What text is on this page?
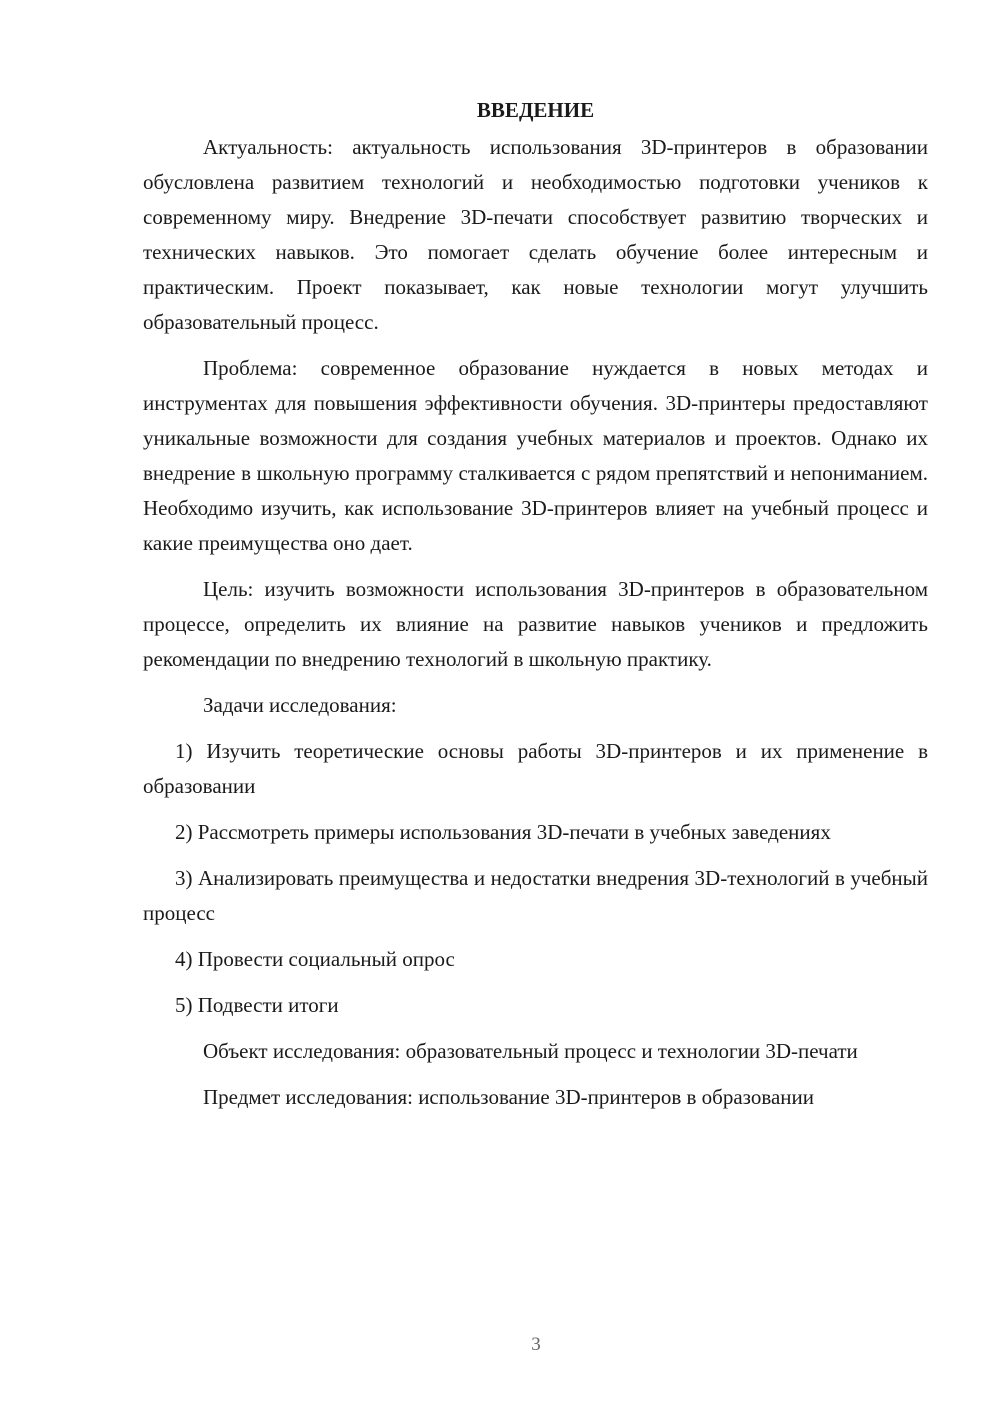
ВВЕДЕНИЕ

Актуальность: актуальность использования 3D-принтеров в образовании обусловлена развитием технологий и необходимостью подготовки учеников к современному миру. Внедрение 3D-печати способствует развитию творческих и технических навыков. Это помогает сделать обучение более интересным и практическим. Проект показывает, как новые технологии могут улучшить образовательный процесс.

Проблема: современное образование нуждается в новых методах и инструментах для повышения эффективности обучения. 3D-принтеры предоставляют уникальные возможности для создания учебных материалов и проектов. Однако их внедрение в школьную программу сталкивается с рядом препятствий и непониманием. Необходимо изучить, как использование 3D-принтеров влияет на учебный процесс и какие преимущества оно дает.

Цель: изучить возможности использования 3D-принтеров в образовательном процессе, определить их влияние на развитие навыков учеников и предложить рекомендации по внедрению технологий в школьную практику.

Задачи исследования:

1) Изучить теоретические основы работы 3D-принтеров и их применение в образовании

2) Рассмотреть примеры использования 3D-печати в учебных заведениях

3) Анализировать преимущества и недостатки внедрения 3D-технологий в учебный процесс

4) Провести социальный опрос

5) Подвести итоги

Объект исследования: образовательный процесс и технологии 3D-печати

Предмет исследования: использование 3D-принтеров в образовании

3
